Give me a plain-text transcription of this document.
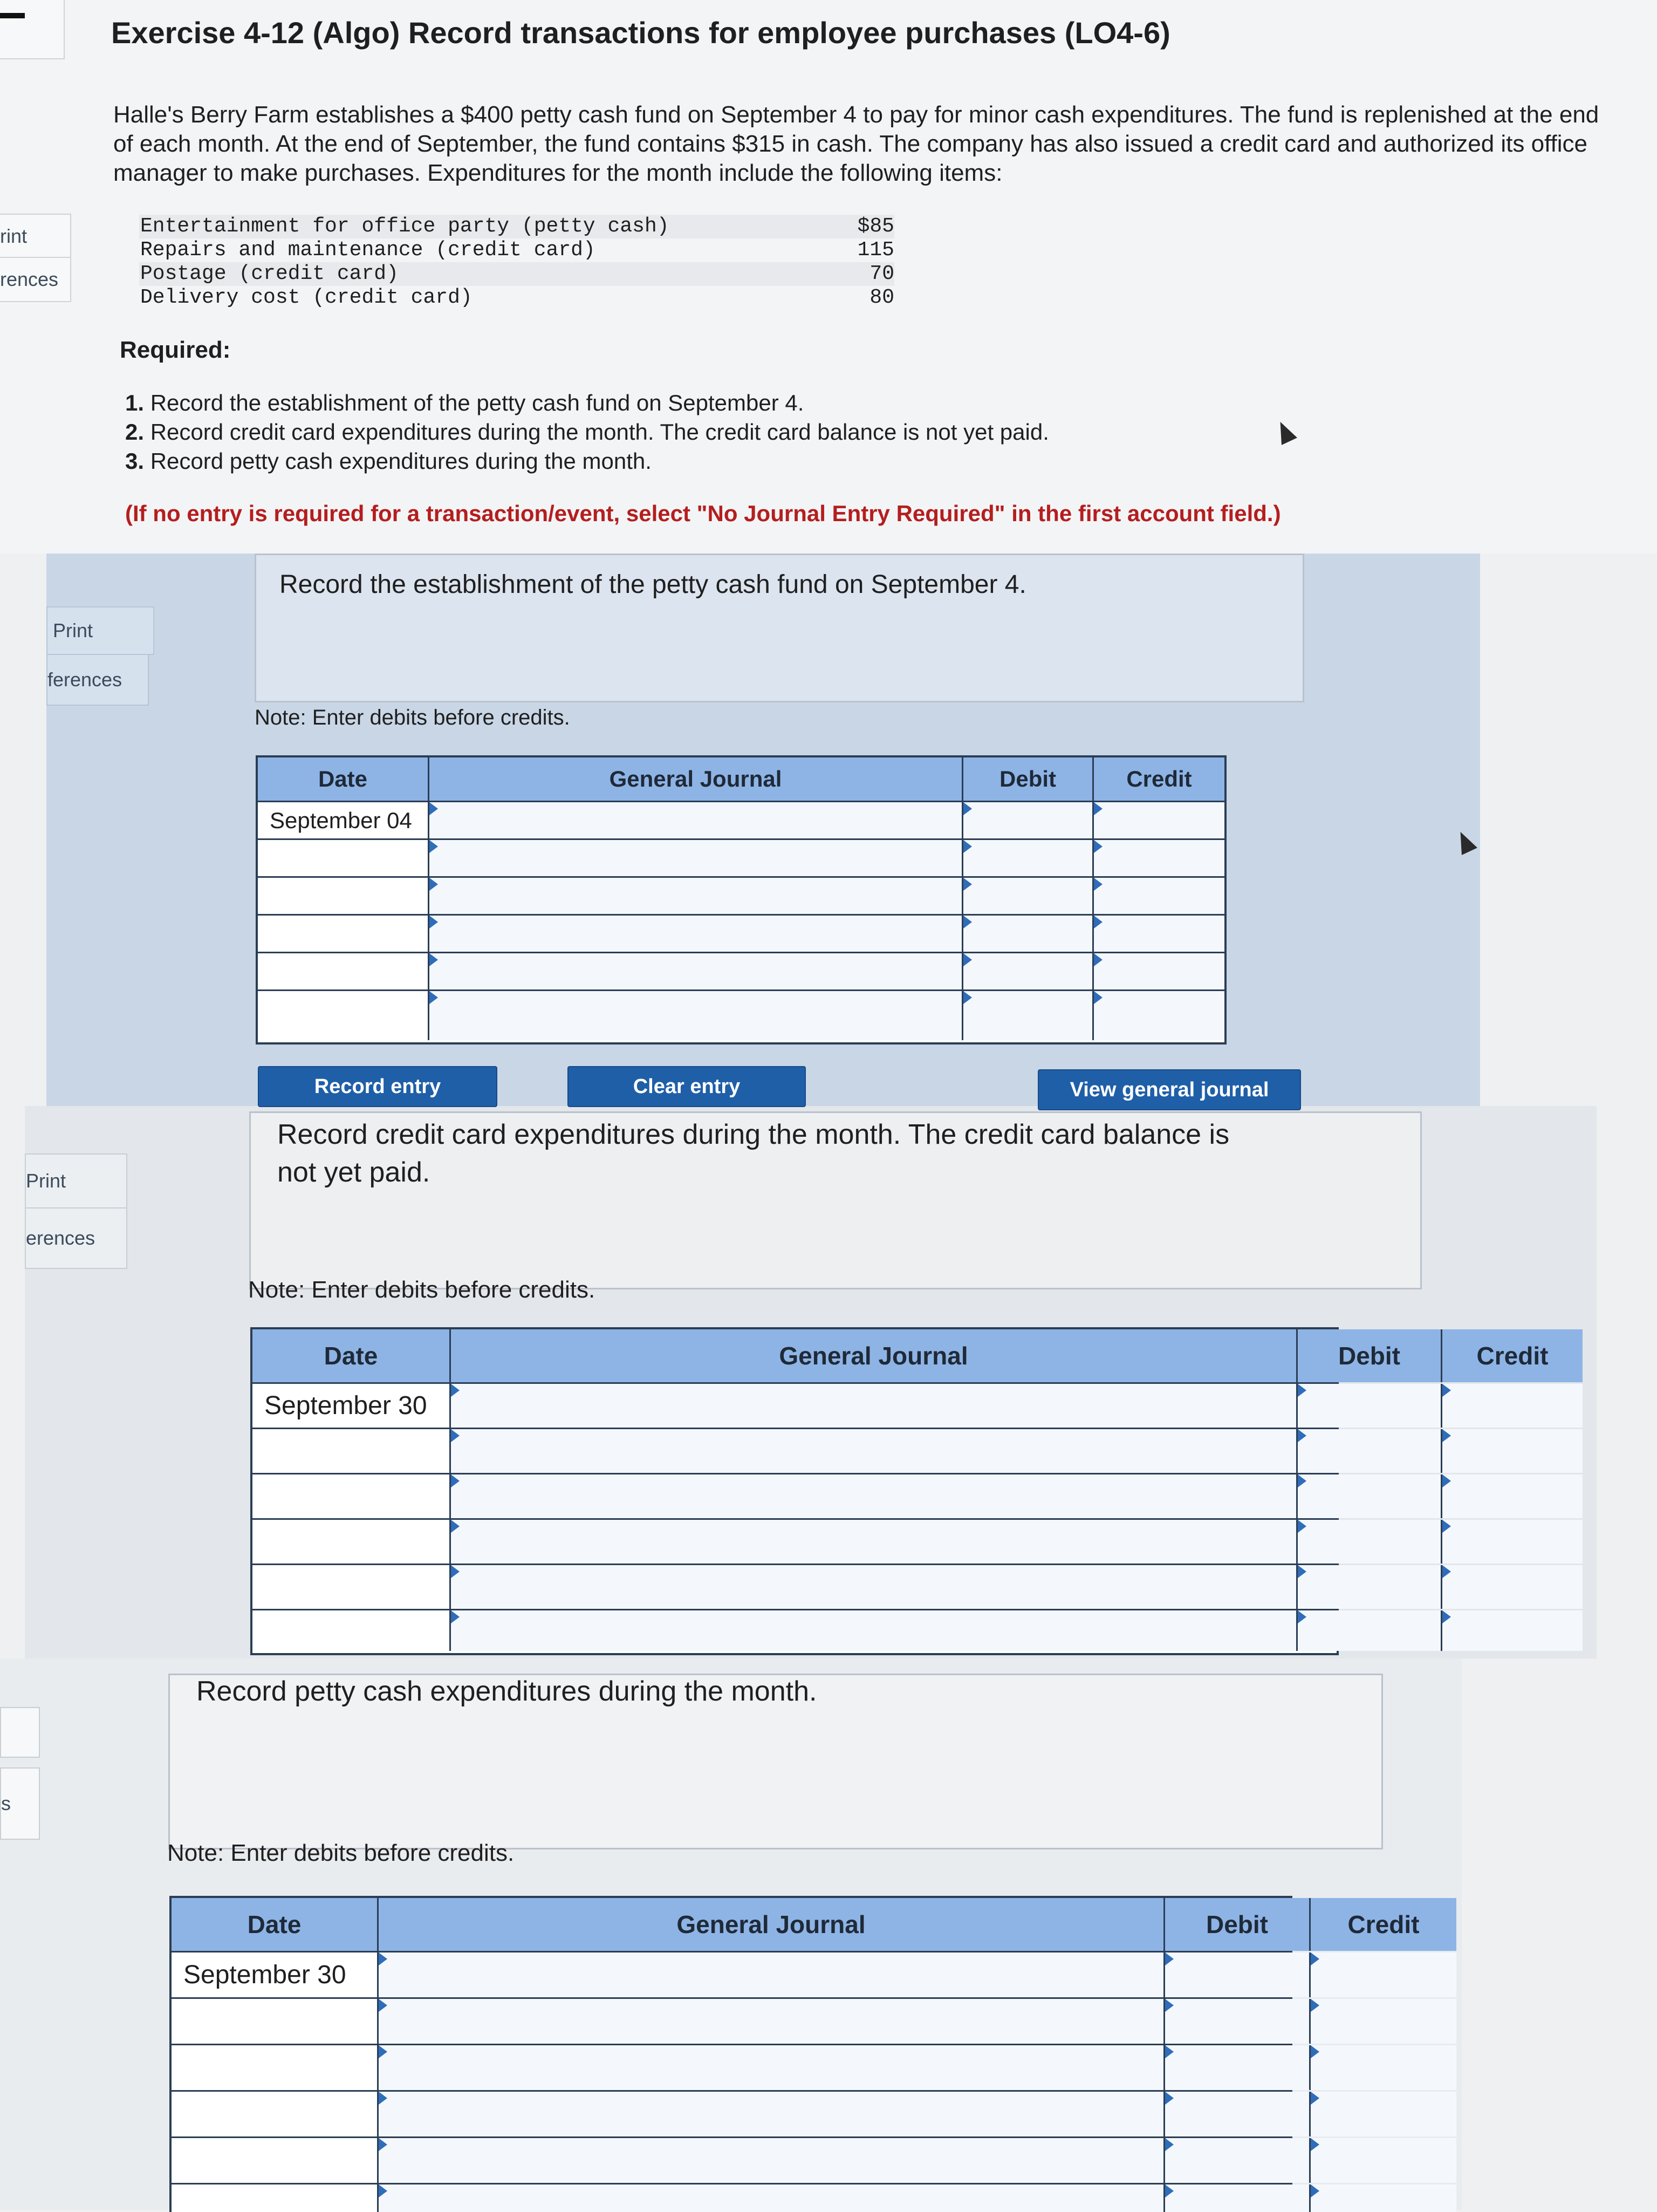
rint
rences
Print
ferences
Print
erences
s
Exercise 4-12 (Algo) Record transactions for employee purchases (LO4-6)
Halle's Berry Farm establishes a $400 petty cash fund on September 4 to pay for minor cash expenditures. The fund is replenished at the end of each month. At the end of September, the fund contains $315 in cash. The company has also issued a credit card and authorized its office manager to make purchases. Expenditures for the month include the following items:
Entertainment for office party (petty cash)	$85
Repairs and maintenance (credit card)	115
Postage (credit card)	70
Delivery cost (credit card)	80
Required:
1. Record the establishment of the petty cash fund on September 4.
2. Record credit card expenditures during the month. The credit card balance is not yet paid.
3. Record petty cash expenditures during the month.
(If no entry is required for a transaction/event, select "No Journal Entry Required" in the first account field.)
Record the establishment of the petty cash fund on September 4.
Note: Enter debits before credits.
Date	General Journal	Debit	Credit
September 04
Record entry	Clear entry	View general journal
Record credit card expenditures during the month. The credit card balance is
not yet paid.
Note: Enter debits before credits.
Date	General Journal	Debit	Credit
September 30
Record petty cash expenditures during the month.
Note: Enter debits before credits.
Date	General Journal	Debit	Credit
September 30
